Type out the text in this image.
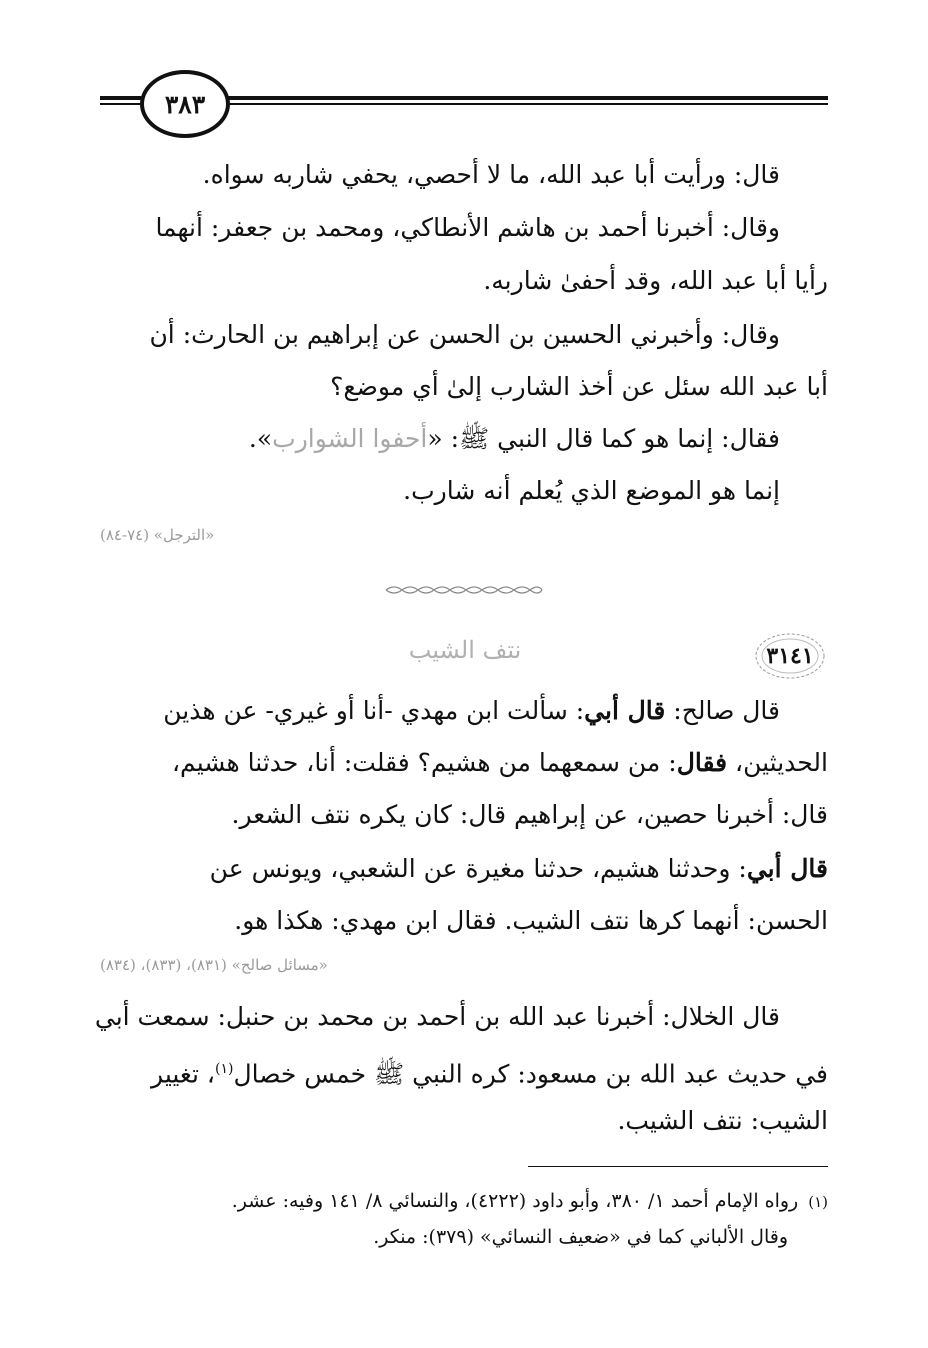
٣٨٣
قال: ورأيت أبا عبد الله، ما لا أحصي، يحفي شاربه سواه.
وقال: أخبرنا أحمد بن هاشم الأنطاكي، ومحمد بن جعفر: أنهما
رأيا أبا عبد الله، وقد أحفىٰ شاربه.
وقال: وأخبرني الحسين بن الحسن عن إبراهيم بن الحارث: أن
أبا عبد الله سئل عن أخذ الشارب إلىٰ أي موضع؟
فقال: إنما هو كما قال النبي ﷺ: «أحفوا الشوارب».
إنما هو الموضع الذي يُعلم أنه شارب.
«الترجل» (٧٤-٨٤)
٣١٤١
نتف الشيب
قال صالح: قال أبي: سألت ابن مهدي -أنا أو غيري- عن هذين
الحديثين، فقال: من سمعهما من هشيم؟ فقلت: أنا، حدثنا هشيم،
قال: أخبرنا حصين، عن إبراهيم قال: كان يكره نتف الشعر.
قال أبي: وحدثنا هشيم، حدثنا مغيرة عن الشعبي، ويونس عن
الحسن: أنهما كرها نتف الشيب. فقال ابن مهدي: هكذا هو.
«مسائل صالح» (٨٣١)، (٨٣٣)، (٨٣٤)
قال الخلال: أخبرنا عبد الله بن أحمد بن محمد بن حنبل: سمعت أبي
في حديث عبد الله بن مسعود: كره النبي ﷺ خمس خصال$^{(١)}$، تغيير
الشيب: نتف الشيب.
(١)رواه الإمام أحمد ١/ ٣٨٠، وأبو داود (٤٢٢٢)، والنسائي ٨/ ١٤١ وفيه: عشر.
وقال الألباني كما في «ضعيف النسائي» (٣٧٩): منكر.
